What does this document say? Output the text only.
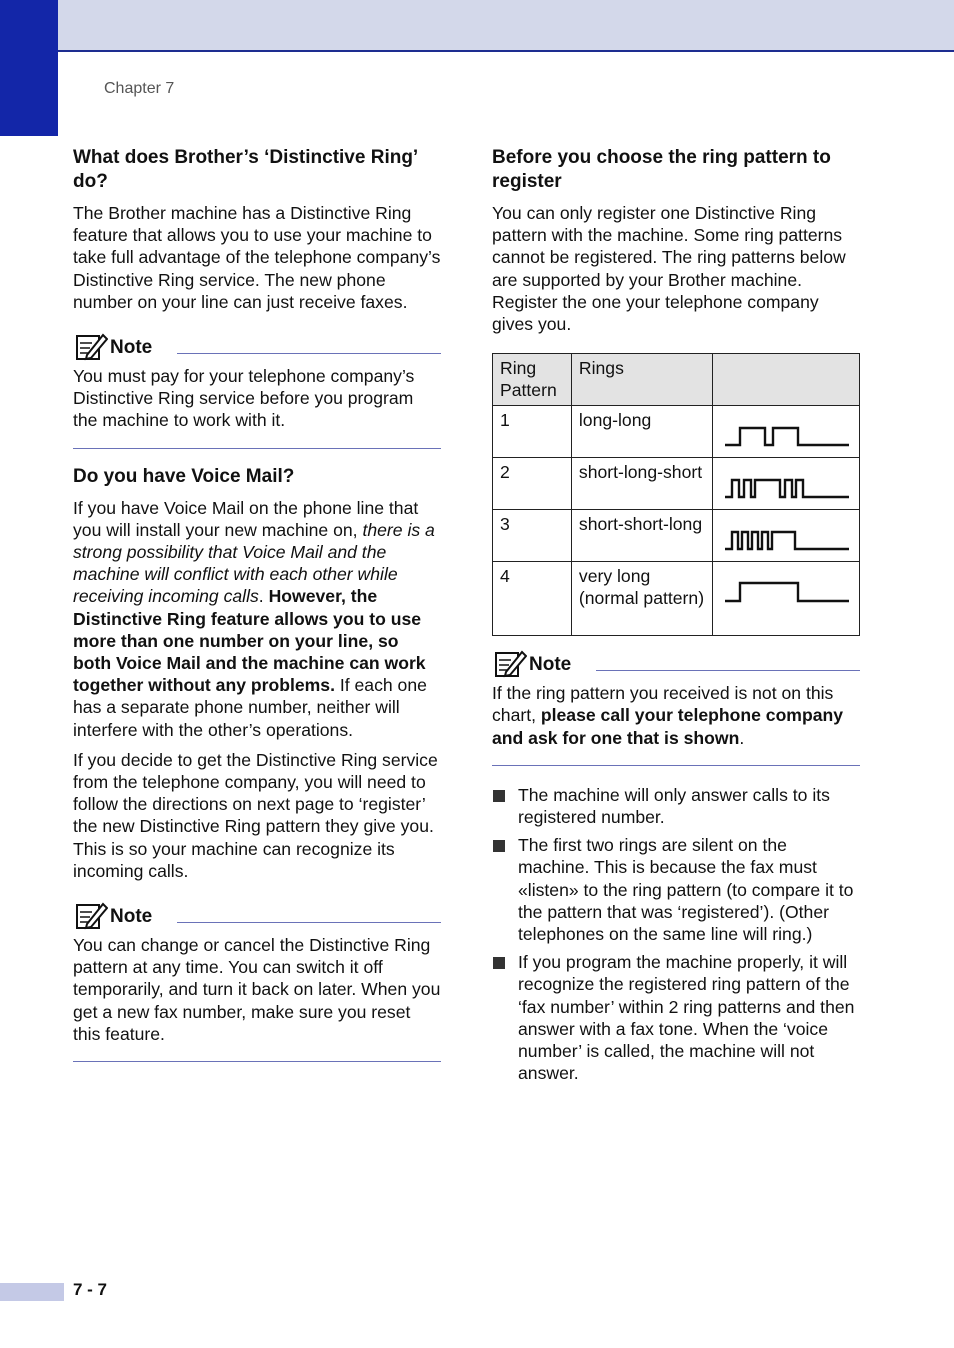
Chapter 7
What does Brother’s ‘Distinctive Ring’ do?

The Brother machine has a Distinctive Ring feature that allows you to use your machine to take full advantage of the telephone company’s Distinctive Ring service. The new phone number on your line can just receive faxes.

Note

You must pay for your telephone company’s Distinctive Ring service before you program the machine to work with it.

Do you have Voice Mail?

If you have Voice Mail on the phone line that you will install your new machine on, there is a strong possibility that Voice Mail and the machine will conflict with each other while receiving incoming calls. However, the Distinctive Ring feature allows you to use more than one number on your line, so both Voice Mail and the machine can work together without any problems. If each one has a separate phone number, neither will interfere with the other’s operations.

If you decide to get the Distinctive Ring service from the telephone company, you will need to follow the directions on next page to ‘register’ the new Distinctive Ring pattern they give you. This is so your machine can recognize its incoming calls.

Note

You can change or cancel the Distinctive Ring pattern at any time. You can switch it off temporarily, and turn it back on later. When you get a new fax number, make sure you reset this feature.

Before you choose the ring pattern to register

You can only register one Distinctive Ring pattern with the machine. Some ring patterns cannot be registered. The ring patterns below are supported by your Brother machine. Register the one your telephone company gives you.

Ring Pattern	Rings	
1	long-long	

2	short-long-short	

3	short-short-long	

4	very long (normal pattern)	
Note

If the ring pattern you received is not on this chart, please call your telephone company and ask for one that is shown.

The machine will only answer calls to its registered number.
The first two rings are silent on the machine. This is because the fax must «listen» to the ring pattern (to compare it to the pattern that was ‘registered’). (Other telephones on the same line will ring.)
If you program the machine properly, it will recognize the registered ring pattern of the ‘fax number’ within 2 ring patterns and then answer with a fax tone. When the ‘voice number’ is called, the machine will not answer.
7 - 7
